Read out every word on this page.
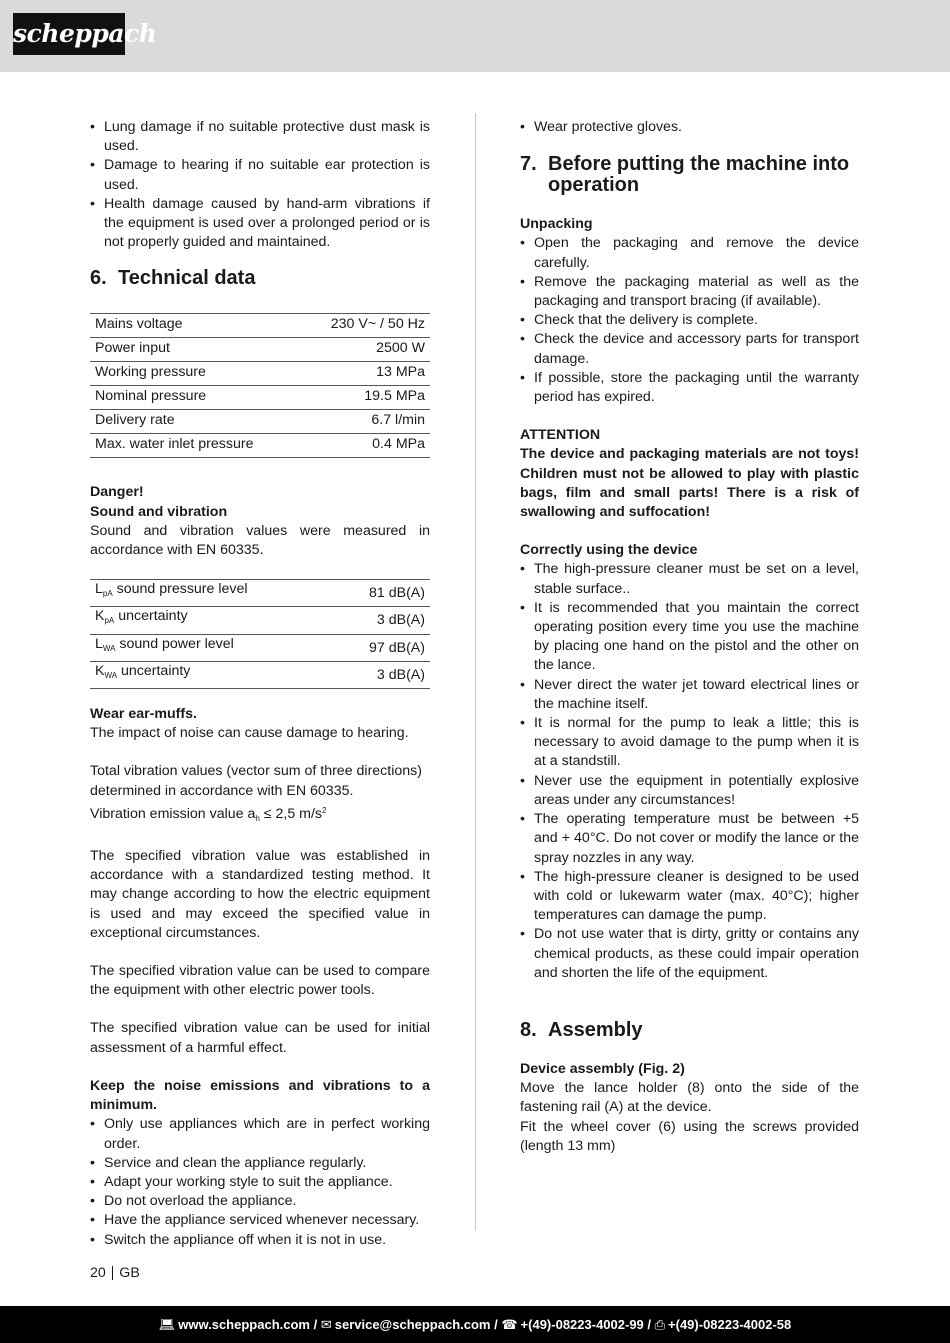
scheppach
• Lung damage if no suitable protective dust mask is used.
• Damage to hearing if no suitable ear protection is used.
• Health damage caused by hand-arm vibrations if the equipment is used over a prolonged period or is not properly guided and maintained.
6. Technical data
Mains voltage	230 V~ / 50 Hz
Power input	2500 W
Working pressure	13 MPa
Nominal pressure	19.5 MPa
Delivery rate	6.7 l/min
Max. water inlet pressure	0.4 MPa

Danger!

Sound and vibration

Sound and vibration values were measured in accordance with EN 60335.

$L_{pA}$ sound pressure level	81 dB(A)
$K_{pA}$ uncertainty	3 dB(A)
$L_{WA}$ sound power level	97 dB(A)
$K_{WA}$ uncertainty	3 dB(A)

Wear ear-muffs.

The impact of noise can cause damage to hearing.

Total vibration values (vector sum of three directions) determined in accordance with EN 60335.

Vibration emission value $a_h \le 2,5$ $m/s^2$

The specified vibration value was established in accordance with a standardized testing method. It may change according to how the electric equipment is used and may exceed the specified value in exceptional circumstances.

The specified vibration value can be used to compare the equipment with other electric power tools.

The specified vibration value can be used for initial assessment of a harmful effect.

Keep the noise emissions and vibrations to a minimum.

• Only use appliances which are in perfect working order.
• Service and clean the appliance regularly.
• Adapt your working style to suit the appliance.
• Do not overload the appliance.
• Have the appliance serviced whenever necessary.
• Switch the appliance off when it is not in use.
• Wear protective gloves.
7. Before putting the machine into operation

Unpacking

• Open the packaging and remove the device carefully.
• Remove the packaging material as well as the packaging and transport bracing (if available).
• Check that the delivery is complete.
• Check the device and accessory parts for transport damage.
• If possible, store the packaging until the warranty period has expired.

ATTENTION

The device and packaging materials are not toys! Children must not be allowed to play with plastic bags, film and small parts! There is a risk of swallowing and suffocation!

Correctly using the device

• The high-pressure cleaner must be set on a level, stable surface..
• It is recommended that you maintain the correct operating position every time you use the machine by placing one hand on the pistol and the other on the lance.
• Never direct the water jet toward electrical lines or the machine itself.
• It is normal for the pump to leak a little; this is necessary to avoid damage to the pump when it is at a standstill.
• Never use the equipment in potentially explosive areas under any circumstances!
• The operating temperature must be between +5 and + 40°C. Do not cover or modify the lance or the spray nozzles in any way.
• The high-pressure cleaner is designed to be used with cold or lukewarm water (max. 40°C); higher temperatures can damage the pump.
• Do not use water that is dirty, gritty or contains any chemical products, as these could impair operation and shorten the life of the equipment.
8. Assembly

Device assembly (Fig. 2)

Move the lance holder (8) onto the side of the fastening rail (A) at the device.

Fit the wheel cover (6) using the screws provided (length 13 mm)

20 GB
💻︎ www.scheppach.com /
✉︎ service@scheppach.com /
☎︎ +(49)-08223-4002-99 /
⎙ +(49)-08223-4002-58
